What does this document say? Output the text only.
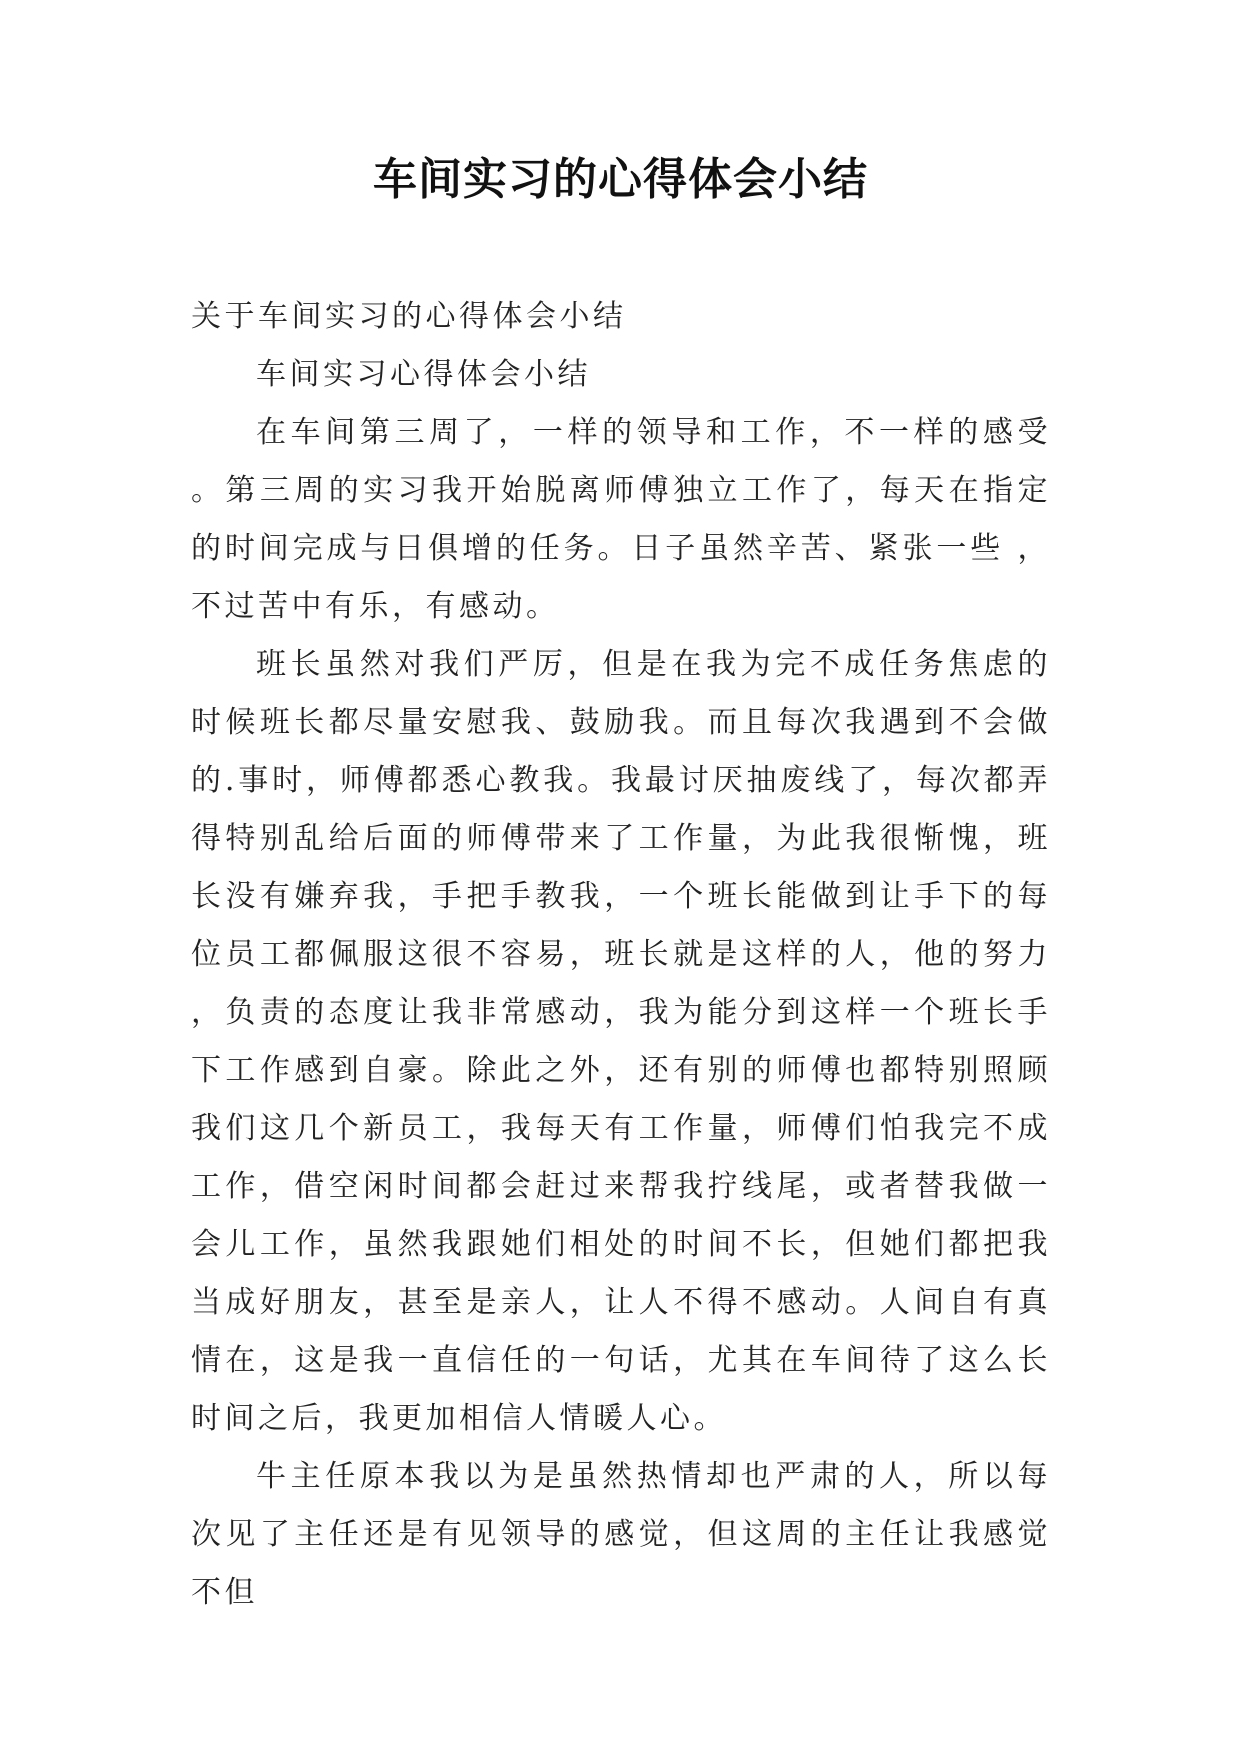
车间实习的心得体会小结

关于车间实习的心得体会小结

车间实习心得体会小结

在车间第三周了，一样的领导和工作，不一样的感受。第三周的实习我开始脱离师傅独立工作了，每天在指定的时间完成与日俱增的任务。日子虽然辛苦、紧张一些 ，不过苦中有乐，有感动。

班长虽然对我们严厉，但是在我为完不成任务焦虑的时候班长都尽量安慰我、鼓励我。而且每次我遇到不会做的.事时，师傅都悉心教我。我最讨厌抽废线了，每次都弄得特别乱给后面的师傅带来了工作量，为此我很惭愧，班长没有嫌弃我，手把手教我，一个班长能做到让手下的每位员工都佩服这很不容易，班长就是这样的人，他的努力，负责的态度让我非常感动，我为能分到这样一个班长手下工作感到自豪。除此之外，还有别的师傅也都特别照顾我们这几个新员工，我每天有工作量，师傅们怕我完不成工作，借空闲时间都会赶过来帮我拧线尾，或者替我做一会儿工作，虽然我跟她们相处的时间不长，但她们都把我当成好朋友，甚至是亲人，让人不得不感动。人间自有真情在，这是我一直信任的一句话，尤其在车间待了这么长时间之后，我更加相信人情暖人心。

牛主任原本我以为是虽然热情却也严肃的人，所以每次见了主任还是有见领导的感觉，但这周的主任让我感觉不但
